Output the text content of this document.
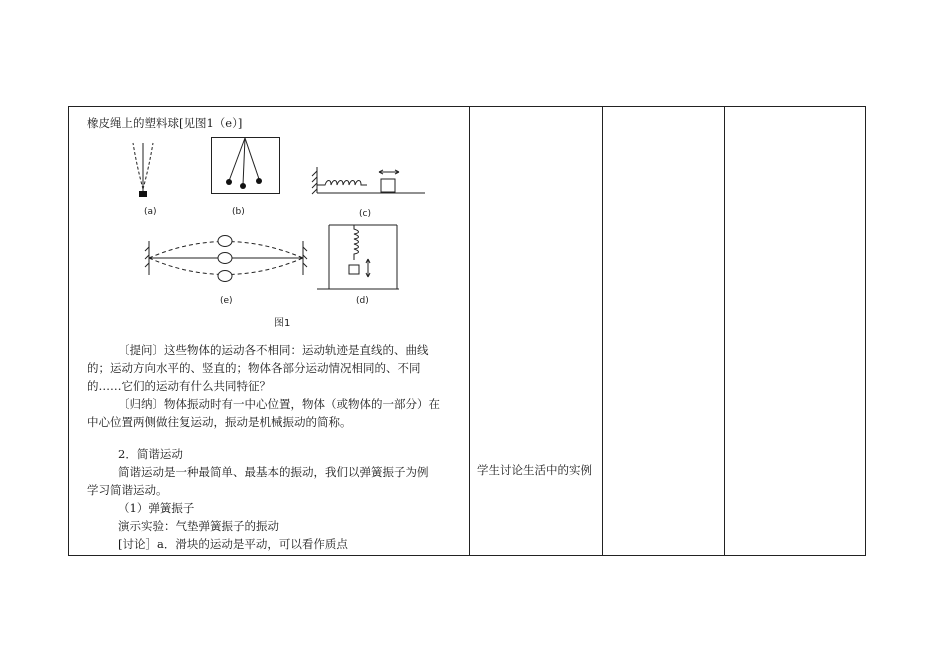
橡皮绳上的塑料球[见图1（e）]
(a)	(b)	(c)
(e)	(d)
图1
〔提问〕这些物体的运动各不相同：运动轨迹是直线的、曲线
的；运动方向水平的、竖直的；物体各部分运动情况相同的、不同
的……它们的运动有什么共同特征？
〔归纳〕物体振动时有一中心位置，物体（或物体的一部分）在
中心位置两侧做往复运动，振动是机械振动的简称。
2．简谐运动
简谐运动是一种最简单、最基本的振动，我们以弹簧振子为例
学习简谐运动。
（1）弹簧振子
演示实验：气垫弹簧振子的振动
[讨论］a．滑块的运动是平动，可以看作质点
学生讨论生活中的实例
